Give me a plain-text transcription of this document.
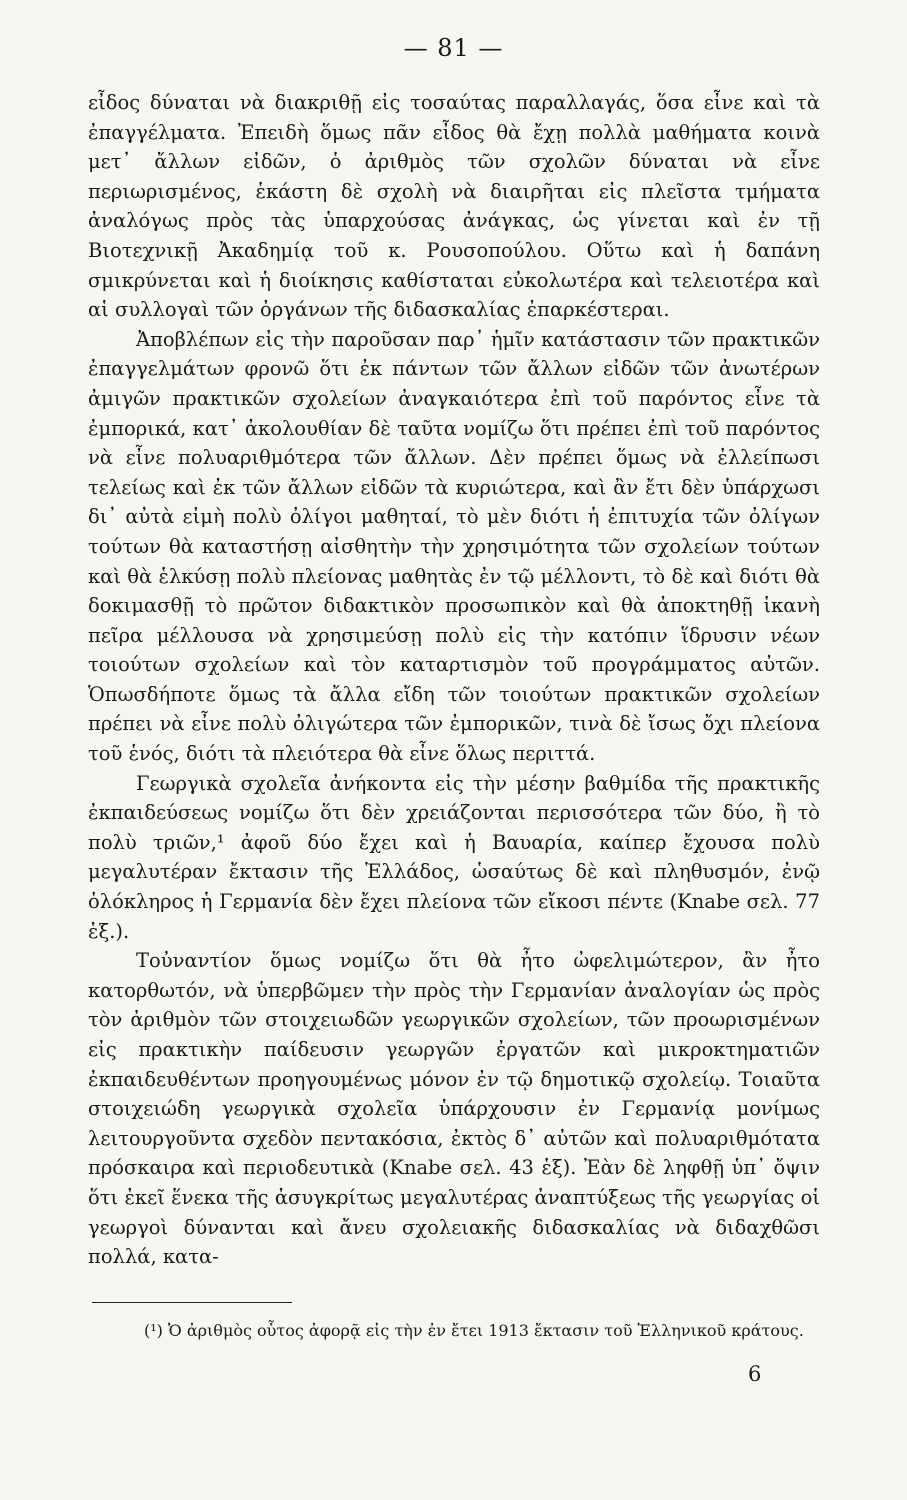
— 81 —

εἶδος δύναται νὰ διακριθῇ εἰς τοσαύτας παραλλαγάς, ὅσα εἶνε καὶ τὰ ἐπαγγέλματα. Ἐπειδὴ ὅμως πᾶν εἶδος θὰ ἔχῃ πολλὰ μαθήματα κοινὰ μετ᾽ ἄλλων εἰδῶν, ὁ ἀριθμὸς τῶν σχολῶν δύναται νὰ εἶνε περιωρισμένος, ἑκάστη δὲ σχολὴ νὰ διαιρῆται εἰς πλεῖστα τμήματα ἀναλόγως πρὸς τὰς ὑπαρχούσας ἀνάγκας, ὡς γίνεται καὶ ἐν τῇ Βιοτεχνικῇ Ἀκαδημίᾳ τοῦ κ. Ρουσοπούλου. Οὕτω καὶ ἡ δαπάνη σμικρύνεται καὶ ἡ διοίκησις καθίσταται εὐκολωτέρα καὶ τελειοτέρα καὶ αἱ συλλογαὶ τῶν ὀργάνων τῆς διδασκαλίας ἐπαρκέστεραι.

Ἀποβλέπων εἰς τὴν παροῦσαν παρ᾽ ἡμῖν κατάστασιν τῶν πρακτικῶν ἐπαγγελμάτων φρονῶ ὅτι ἐκ πάντων τῶν ἄλλων εἰδῶν τῶν ἀνωτέρων ἀμιγῶν πρακτικῶν σχολείων ἀναγκαιότερα ἐπὶ τοῦ παρόντος εἶνε τὰ ἐμπορικά, κατ᾽ ἀκολουθίαν δὲ ταῦτα νομίζω ὅτι πρέπει ἐπὶ τοῦ παρόντος νὰ εἶνε πολυαριθμότερα τῶν ἄλλων. Δὲν πρέπει ὅμως νὰ ἐλλείπωσι τελείως καὶ ἐκ τῶν ἄλλων εἰδῶν τὰ κυριώτερα, καὶ ἂν ἔτι δὲν ὑπάρχωσι δι᾽ αὐτὰ εἰμὴ πολὺ ὀλίγοι μαθηταί, τὸ μὲν διότι ἡ ἐπιτυχία τῶν ὀλίγων τούτων θὰ καταστήσῃ αἰσθητὴν τὴν χρησιμότητα τῶν σχολείων τούτων καὶ θὰ ἑλκύσῃ πολὺ πλείονας μαθητὰς ἐν τῷ μέλλοντι, τὸ δὲ καὶ διότι θὰ δοκιμασθῇ τὸ πρῶτον διδακτικὸν προσωπικὸν καὶ θὰ ἀποκτηθῇ ἱκανὴ πεῖρα μέλλουσα νὰ χρησιμεύσῃ πολὺ εἰς τὴν κατόπιν ἵδρυσιν νέων τοιούτων σχολείων καὶ τὸν καταρτισμὸν τοῦ προγράμματος αὐτῶν. Ὁπωσδήποτε ὅμως τὰ ἄλλα εἴδη τῶν τοιούτων πρακτικῶν σχολείων πρέπει νὰ εἶνε πολὺ ὀλιγώτερα τῶν ἐμπορικῶν, τινὰ δὲ ἴσως ὄχι πλείονα τοῦ ἑνός, διότι τὰ πλειότερα θὰ εἶνε ὅλως περιττά.

Γεωργικὰ σχολεῖα ἀνήκοντα εἰς τὴν μέσην βαθμίδα τῆς πρακτικῆς ἐκπαιδεύσεως νομίζω ὅτι δὲν χρειάζονται περισσότερα τῶν δύο, ἢ τὸ πολὺ τριῶν,¹ ἀφοῦ δύο ἔχει καὶ ἡ Βαυαρία, καίπερ ἔχουσα πολὺ μεγαλυτέραν ἔκτασιν τῆς Ἑλλάδος, ὡσαύτως δὲ καὶ πληθυσμόν, ἐνῷ ὁλόκληρος ἡ Γερμανία δὲν ἔχει πλείονα τῶν εἴκοσι πέντε (Knabe σελ. 77 ἑξ.).

Τοὐναντίον ὅμως νομίζω ὅτι θὰ ἦτο ὠφελιμώτερον, ἂν ἦτο κατορθωτόν, νὰ ὑπερβῶμεν τὴν πρὸς τὴν Γερμανίαν ἀναλογίαν ὡς πρὸς τὸν ἀριθμὸν τῶν στοιχειωδῶν γεωργικῶν σχολείων, τῶν προωρισμένων εἰς πρακτικὴν παίδευσιν γεωργῶν ἐργατῶν καὶ μικροκτηματιῶν ἐκπαιδευθέντων προηγουμένως μόνον ἐν τῷ δημοτικῷ σχολείῳ. Τοιαῦτα στοιχειώδη γεωργικὰ σχολεῖα ὑπάρχουσιν ἐν Γερμανίᾳ μονίμως λειτουργοῦντα σχεδὸν πεντακόσια, ἐκτὸς δ᾽ αὐτῶν καὶ πολυαριθμότατα πρόσκαιρα καὶ περιοδευτικὰ (Knabe σελ. 43 ἑξ). Ἐὰν δὲ ληφθῇ ὑπ᾽ ὄψιν ὅτι ἐκεῖ ἕνεκα τῆς ἀσυγκρίτως μεγαλυτέρας ἀναπτύξεως τῆς γεωργίας οἱ γεωργοὶ δύνανται καὶ ἄνευ σχολειακῆς διδασκαλίας νὰ διδαχθῶσι πολλά, κατα-

(¹) Ὁ ἀριθμὸς οὗτος ἀφορᾷ εἰς τὴν ἐν ἔτει 1913 ἔκτασιν τοῦ Ἑλληνικοῦ κράτους.
6
